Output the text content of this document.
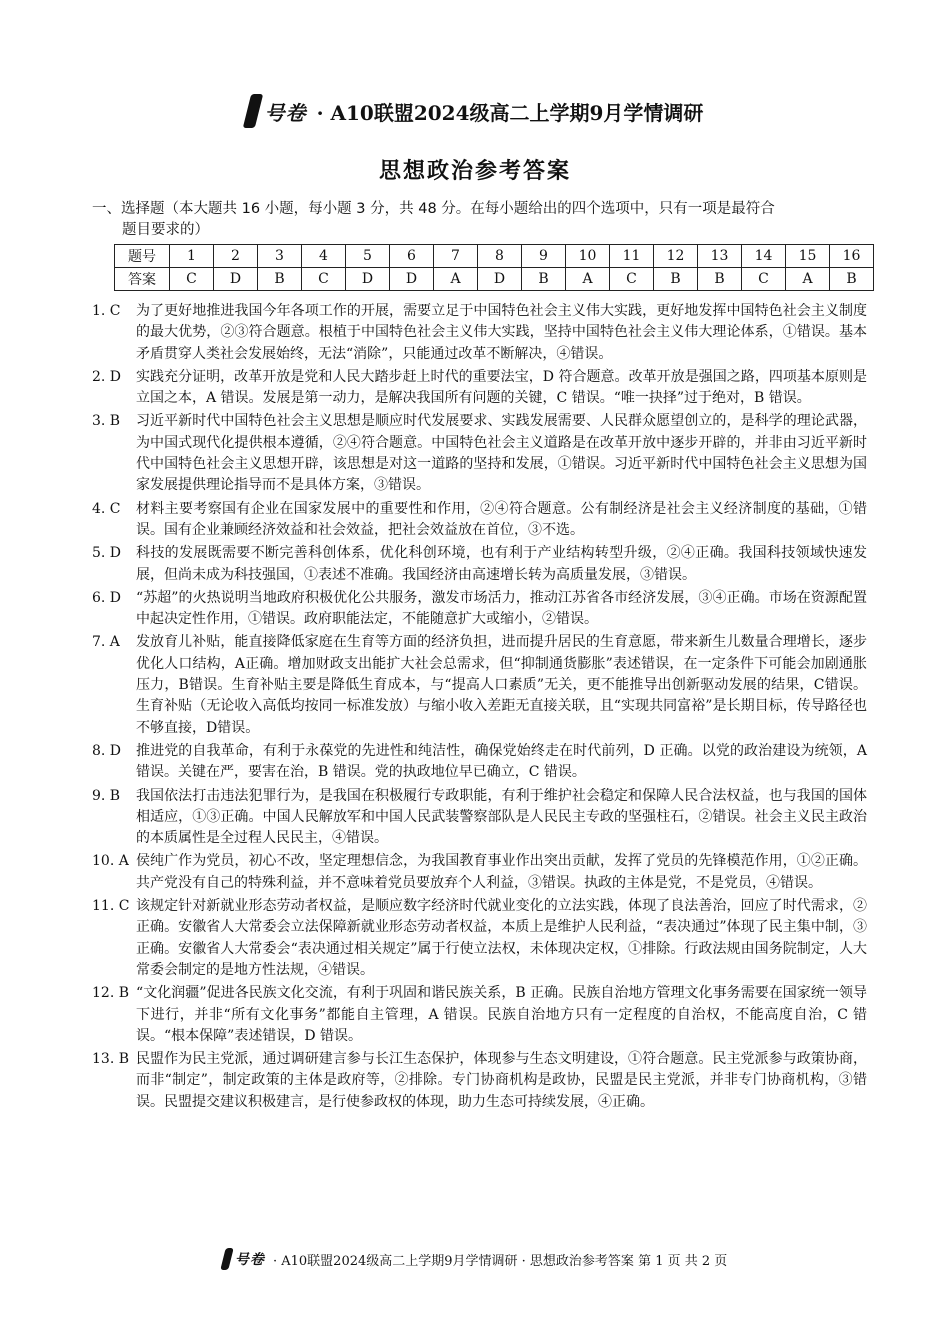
号卷 · A10联盟2024级高二上学期9月学情调研
思想政治参考答案
一、选择题（本大题共 16 小题，每小题 3 分，共 48 分。在每小题给出的四个选项中，只有一项是最符合
题目要求的）
题号	1	2	3	4	5	6	7	8	9	10	11	12	13	14	15	16
答案	C	D	B	C	D	D	A	D	B	A	C	B	B	C	A	B
1. C	为了更好地推进我国今年各项工作的开展，需要立足于中国特色社会主义伟大实践，更好地发挥中国特色社会主义制度的最大优势，②③符合题意。根植于中国特色社会主义伟大实践，坚持中国特色社会主义伟大理论体系，①错误。基本矛盾贯穿人类社会发展始终，无法“消除”，只能通过改革不断解决，④错误。
2. D	实践充分证明，改革开放是党和人民大踏步赶上时代的重要法宝，D 符合题意。改革开放是强国之路，四项基本原则是立国之本，A 错误。发展是第一动力，是解决我国所有问题的关键，C 错误。“唯一抉择”过于绝对，B 错误。
3. B	习近平新时代中国特色社会主义思想是顺应时代发展要求、实践发展需要、人民群众愿望创立的，是科学的理论武器，为中国式现代化提供根本遵循，②④符合题意。中国特色社会主义道路是在改革开放中逐步开辟的，并非由习近平新时代中国特色社会主义思想开辟，该思想是对这一道路的坚持和发展，①错误。习近平新时代中国特色社会主义思想为国家发展提供理论指导而不是具体方案，③错误。
4. C	材料主要考察国有企业在国家发展中的重要性和作用，②④符合题意。公有制经济是社会主义经济制度的基础，①错误。国有企业兼顾经济效益和社会效益，把社会效益放在首位，③不选。
5. D	科技的发展既需要不断完善科创体系，优化科创环境，也有利于产业结构转型升级，②④正确。我国科技领域快速发展，但尚未成为科技强国，①表述不准确。我国经济由高速增长转为高质量发展，③错误。
6. D	“苏超”的火热说明当地政府积极优化公共服务，激发市场活力，推动江苏省各市经济发展，③④正确。市场在资源配置中起决定性作用，①错误。政府职能法定，不能随意扩大或缩小，②错误。
7. A	发放育儿补贴，能直接降低家庭在生育等方面的经济负担，进而提升居民的生育意愿，带来新生儿数量合理增长，逐步优化人口结构，A正确。增加财政支出能扩大社会总需求，但“抑制通货膨胀”表述错误，在一定条件下可能会加剧通胀压力，B错误。生育补贴主要是降低生育成本，与“提高人口素质”无关，更不能推导出创新驱动发展的结果，C错误。生育补贴（无论收入高低均按同一标准发放）与缩小收入差距无直接关联，且“实现共同富裕”是长期目标，传导路径也不够直接，D错误。
8. D	推进党的自我革命，有利于永葆党的先进性和纯洁性，确保党始终走在时代前列，D 正确。以党的政治建设为统领，A 错误。关键在严，要害在治，B 错误。党的执政地位早已确立，C 错误。
9. B	我国依法打击违法犯罪行为，是我国在积极履行专政职能，有利于维护社会稳定和保障人民合法权益，也与我国的国体相适应，①③正确。中国人民解放军和中国人民武装警察部队是人民民主专政的坚强柱石，②错误。社会主义民主政治的本质属性是全过程人民民主，④错误。
10. A 侯纯广作为党员，初心不改，坚定理想信念，为我国教育事业作出突出贡献，发挥了党员的先锋模范作用，①②正确。共产党没有自己的特殊利益，并不意味着党员要放弃个人利益，③错误。执政的主体是党，不是党员，④错误。
11. C 该规定针对新就业形态劳动者权益，是顺应数字经济时代就业变化的立法实践，体现了良法善治，回应了时代需求，②正确。安徽省人大常委会立法保障新就业形态劳动者权益，本质上是维护人民利益，“表决通过”体现了民主集中制，③正确。安徽省人大常委会“表决通过相关规定”属于行使立法权，未体现决定权，①排除。行政法规由国务院制定，人大常委会制定的是地方性法规，④错误。
12. B “文化润疆”促进各民族文化交流，有利于巩固和谐民族关系，B 正确。民族自治地方管理文化事务需要在国家统一领导下进行，并非“所有文化事务”都能自主管理，A 错误。民族自治地方只有一定程度的自治权，不能高度自治，C 错误。“根本保障”表述错误，D 错误。
13. B 民盟作为民主党派，通过调研建言参与长江生态保护，体现参与生态文明建设，①符合题意。民主党派参与政策协商，而非“制定”，制定政策的主体是政府等，②排除。专门协商机构是政协，民盟是民主党派，并非专门协商机构，③错误。民盟提交建议积极建言，是行使参政权的体现，助力生态可持续发展，④正确。
号卷 · A10联盟2024级高二上学期9月学情调研 · 思想政治参考答案 第 1 页 共 2 页
